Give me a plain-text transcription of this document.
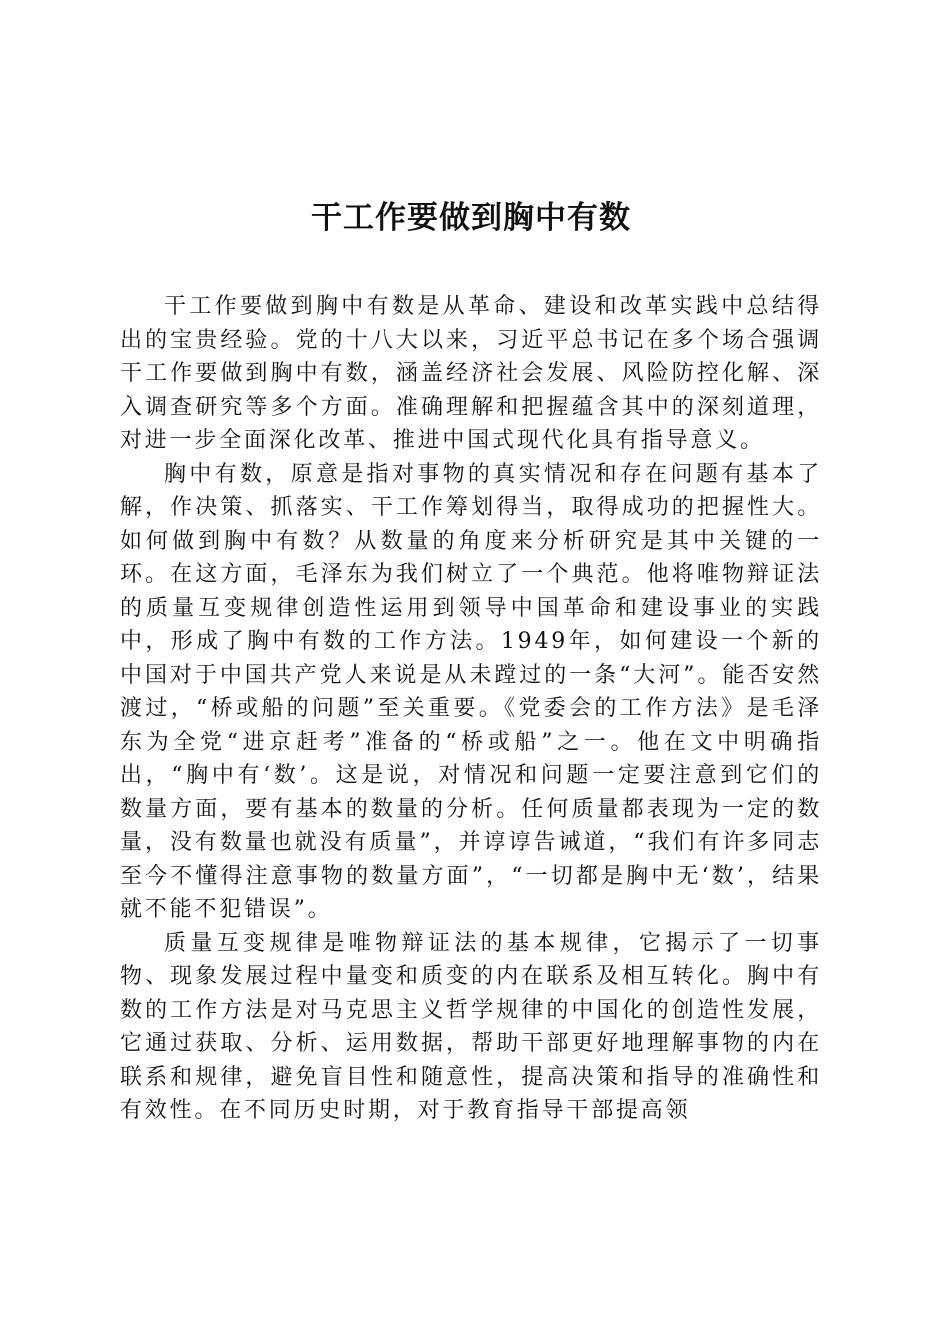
干工作要做到胸中有数

干工作要做到胸中有数是从革命、建设和改革实践中总结得出的宝贵经验。党的十八大以来，习近平总书记在多个场合强调干工作要做到胸中有数，涵盖经济社会发展、风险防控化解、深入调查研究等多个方面。准确理解和把握蕴含其中的深刻道理，对进一步全面深化改革、推进中国式现代化具有指导意义。

胸中有数，原意是指对事物的真实情况和存在问题有基本了解，作决策、抓落实、干工作筹划得当，取得成功的把握性大。如何做到胸中有数？从数量的角度来分析研究是其中关键的一环。在这方面，毛泽东为我们树立了一个典范。他将唯物辩证法的质量互变规律创造性运用到领导中国革命和建设事业的实践中，形成了胸中有数的工作方法。1949年，如何建设一个新的中国对于中国共产党人来说是从未蹚过的一条“大河”。能否安然渡过，“桥或船的问题”至关重要。《党委会的工作方法》是毛泽东为全党“进京赶考”准备的“桥或船”之一。他在文中明确指出，“胸中有‘数’。这是说，对情况和问题一定要注意到它们的数量方面，要有基本的数量的分析。任何质量都表现为一定的数量，没有数量也就没有质量”，并谆谆告诫道，“我们有许多同志至今不懂得注意事物的数量方面”，“一切都是胸中无‘数’，结果就不能不犯错误”。

质量互变规律是唯物辩证法的基本规律，它揭示了一切事物、现象发展过程中量变和质变的内在联系及相互转化。胸中有数的工作方法是对马克思主义哲学规律的中国化的创造性发展，它通过获取、分析、运用数据，帮助干部更好地理解事物的内在联系和规律，避免盲目性和随意性，提高决策和指导的准确性和有效性。在不同历史时期，对于教育指导干部提高领
